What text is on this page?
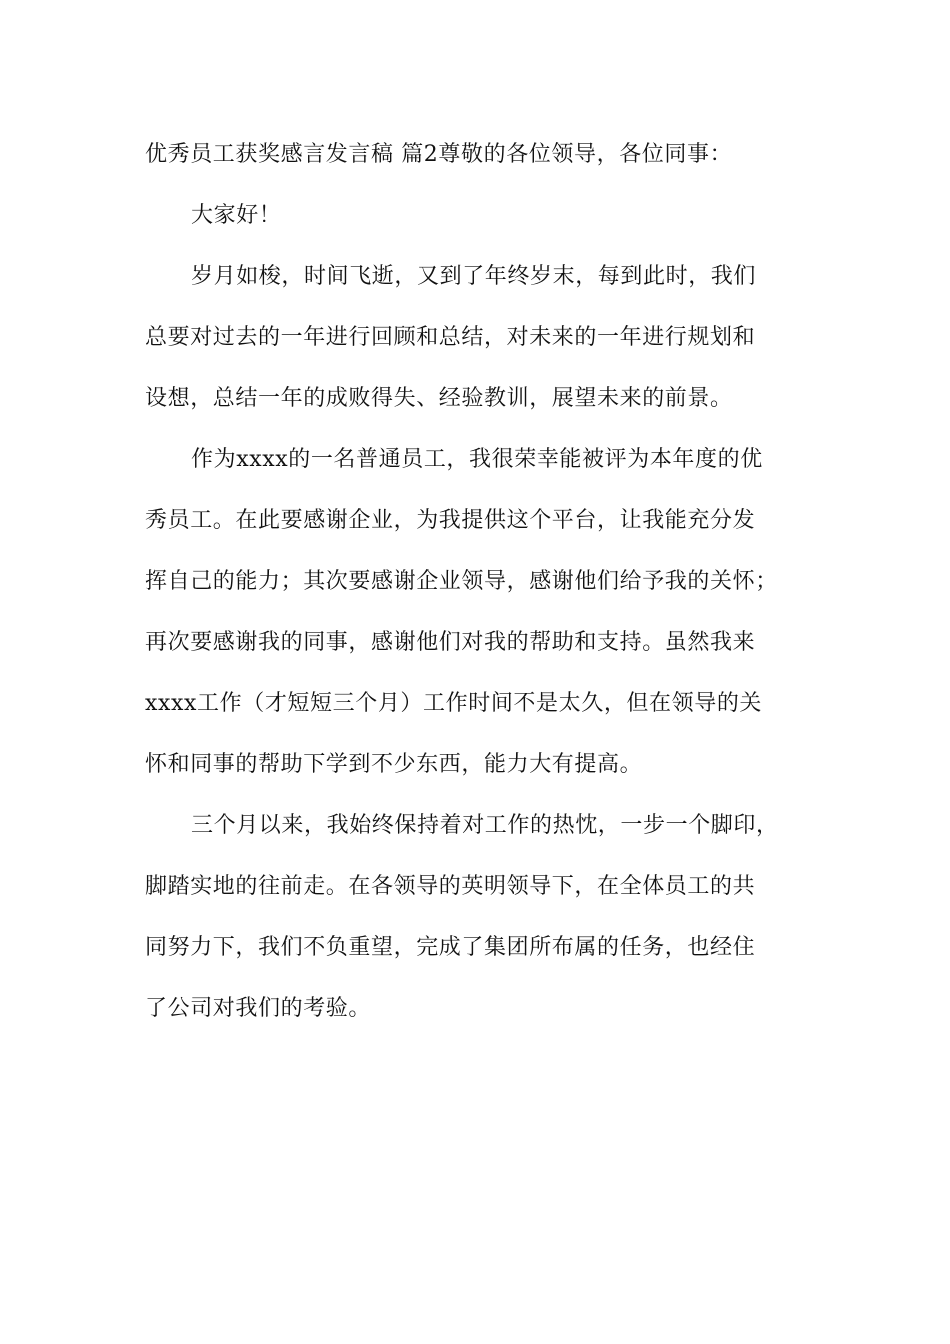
优秀员工获奖感言发言稿 篇2尊敬的各位领导，各位同事：
大家好！
岁月如梭，时间飞逝，又到了年终岁末，每到此时，我们
总要对过去的一年进行回顾和总结，对未来的一年进行规划和
设想，总结一年的成败得失、经验教训，展望未来的前景。
作为xxxx的一名普通员工，我很荣幸能被评为本年度的优
秀员工。在此要感谢企业，为我提供这个平台，让我能充分发
挥自己的能力；其次要感谢企业领导，感谢他们给予我的关怀；
再次要感谢我的同事，感谢他们对我的帮助和支持。虽然我来
xxxx工作（才短短三个月）工作时间不是太久，但在领导的关
怀和同事的帮助下学到不少东西，能力大有提高。
三个月以来，我始终保持着对工作的热忱，一步一个脚印，
脚踏实地的往前走。在各领导的英明领导下，在全体员工的共
同努力下，我们不负重望，完成了集团所布属的任务，也经住
了公司对我们的考验。
